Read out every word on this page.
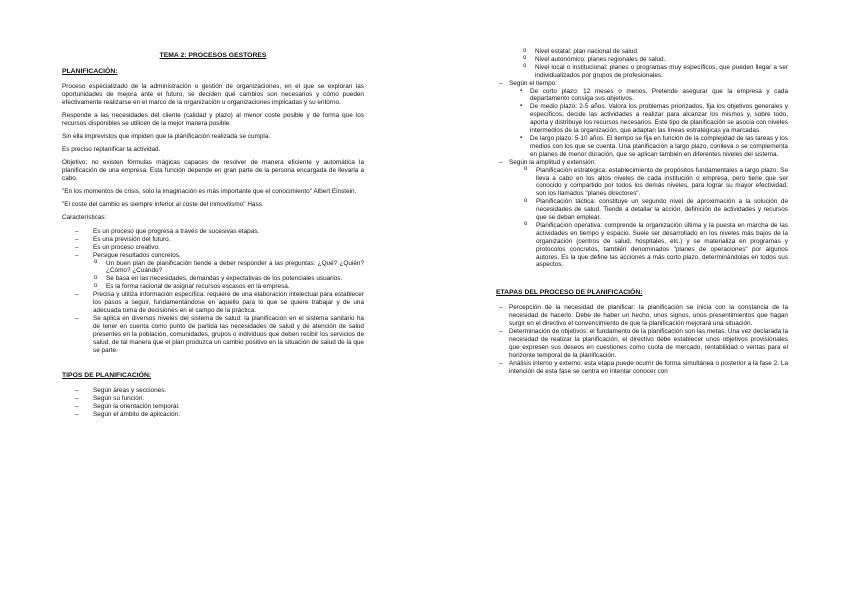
TEMA 2: PROCESOS GESTORES
PLANIFICACIÓN:

Proceso especializado de la administración o gestión de organizaciones, en el que se exploran las oportunidades de mejora ante el futuro, se deciden qué cambios son necesarios y cómo pueden efectivamente realizarse en el marco de la organización u organizaciones implicadas y su entorno.

Responde a las necesidades del cliente (calidad y plazo) al menor coste posible y de forma que los recursos disponibles se utilicen de la mejor manera posible.

Sin ella imprevistos que impiden que la planificación realizada se cumpla.

Es preciso replanificar la actividad.

Objetivo: no existen fórmulas mágicas capaces de resolver de manera eficiente y automática la planificación de una empresa. Esta función depende en gran parte de la persona encargada de llevarla a cabo.

"En los momentos de crisis, solo la imaginación es más importante que el conocimiento" Albert Einstein.

"El coste del cambio es siempre inferior al coste del inmovilismo" Hass.

Características:

– Es un proceso que progresa a través de sucesivas etapas.
– Es una previsión del futuro.
– Es un proceso creativo.
– Persigue resultados concretos.
o Un buen plan de planificación tiende a deber responder a las preguntas: ¿Qué? ¿Quién? ¿Cómo? ¿Cuándo?
o Se basa en las necesidades, demandas y expectativas de los potenciales usuarios.
o Es la forma racional de asignar recursos escasos en la empresa.
– Precisa y utiliza información específica: requiere de una elaboración intelectual para establecer los pasos a seguir, fundamentándose en aquello para lo que se quiere trabajar y de una adecuada toma de decisiones en el campo de la práctica.
– Se aplica en diversos niveles del sistema de salud: la planificación en el sistema sanitario ha de tener en cuenta como punto de partida las necesidades de salud y de atención de salud presentes en la población, comunidades, grupos o individuos que deben recibir los servicios de salud, de tal manera que el plan produzca un cambio positivo en la situación de salud de la que se parte.
TIPOS DE PLANIFICACIÓN:
– Según áreas y secciones.
– Según su función.
– Según la orientación temporal.
– Según el ámbito de aplicación:
o Nivel estatal: plan nacional de salud.
o Nivel autonómico: planes regionales de salud.
o Nivel local o institucional: planes o programas muy específicos, que pueden llegar a ser individualizados por grupos de profesionales.
– Según el tiempo:
▪ De corto plazo: 12 meses o menos. Pretende asegurar que la empresa y cada departamento consiga sus objetivos.
▪ De medio plazo: 2-5 años. Valora los problemas priorizados, fija los objetivos generales y específicos, decide las actividades a realizar para alcanzar los mismos y, sobre todo, aporta y distribuye los recursos necesarios. Este tipo de planificación se asocia con niveles intermedios de la organización, que adaptan las líneas estratégicas ya marcadas.
▪ De largo plazo: 5-10 años. El tiempo se fija en función de la complejidad de las tareas y los medios con los que se cuenta. Una planificación a largo plazo, conlleva o se complementa en planes de menor duración, que se aplican también en diferentes niveles del sistema.
– Según la amplitud y extensión:
o Planificación estratégica: establecimiento de propósitos fundamentales a largo plazo. Se lleva a cabo en los altos niveles de cada institución o empresa, pero tiene que ser conocido y compartido por todos los demás niveles, para lograr su mayor efectividad; son los llamados "planes directores".
o Planificación táctica: constituye un segundo nivel de aproximación a la solución de necesidades de salud. Tiende a detallar la acción, definición de actividades y recursos que se deban emplear.
o Planificación operativa: comprende la organización última y la puesta en marcha de las actividades en tiempo y espacio. Suele ser desarrollado en los niveles más bajos de la organización (centros de salud, hospitales, etc.) y se materializa en programas y protocolos concretos, también denominados "planes de operaciones" por algunos autores. Es la que define las acciones a más corto plazo, determinándolas en todos sus aspectos.
ETAPAS DEL PROCESO DE PLANIFICACIÓN:
– Percepción de la necesidad de planificar: la planificación se inicia con la constancia de la necesidad de hacerlo. Debe de haber un hecho, unos signos, unos presentimientos que hagan surgir en el directivo el convencimiento de que la planificación mejorará una situación.
– Determinación de objetivos: el fundamento de la planificación son las metas. Una vez declarada la necesidad de realizar la planificación, el directivo debe establecer unos objetivos provisionales que expresen sus deseos en cuestiones como cuota de mercado, rentabilidad o ventas para el horizonte temporal de la planificación.
– Análisis interno y externo: esta etapa puede ocurrir de forma simultánea o posterior a la fase 2. La intención de esta fase se centra en intentar conocer con
